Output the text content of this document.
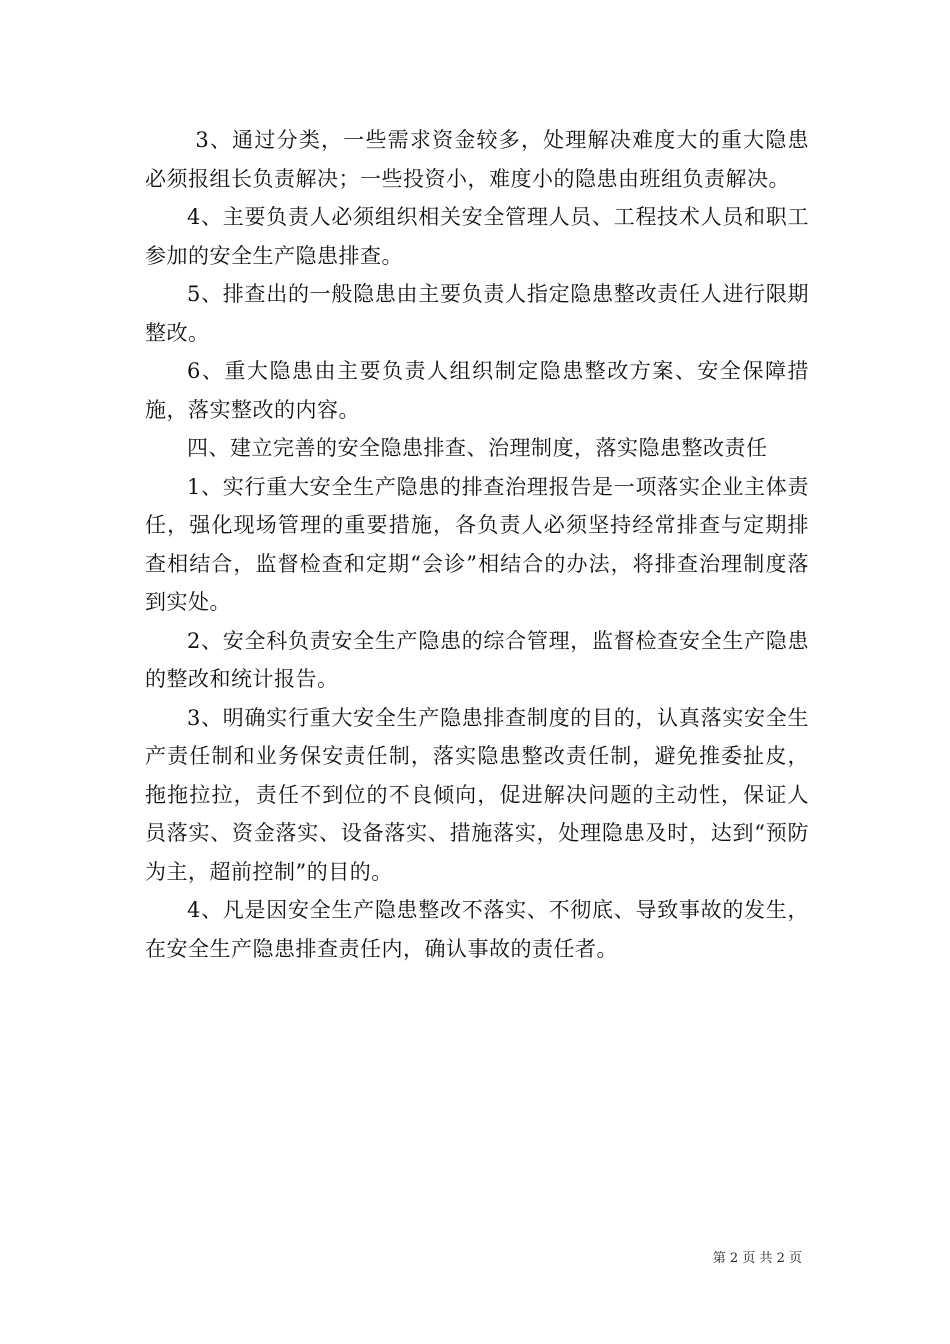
3、通过分类，一些需求资金较多，处理解决难度大的重大隐患必须报组长负责解决；一些投资小，难度小的隐患由班组负责解决。

4、主要负责人必须组织相关安全管理人员、工程技术人员和职工参加的安全生产隐患排查。

5、排查出的一般隐患由主要负责人指定隐患整改责任人进行限期整改。

6、重大隐患由主要负责人组织制定隐患整改方案、安全保障措施，落实整改的内容。

四、建立完善的安全隐患排查、治理制度，落实隐患整改责任

1、实行重大安全生产隐患的排查治理报告是一项落实企业主体责任，强化现场管理的重要措施，各负责人必须坚持经常排查与定期排查相结合，监督检查和定期“会诊”相结合的办法，将排查治理制度落到实处。

2、安全科负责安全生产隐患的综合管理，监督检查安全生产隐患的整改和统计报告。

3、明确实行重大安全生产隐患排查制度的目的，认真落实安全生产责任制和业务保安责任制，落实隐患整改责任制，避免推委扯皮，拖拖拉拉，责任不到位的不良倾向，促进解决问题的主动性，保证人员落实、资金落实、设备落实、措施落实，处理隐患及时，达到“预防为主，超前控制”的目的。

4、凡是因安全生产隐患整改不落实、不彻底、导致事故的发生，在安全生产隐患排查责任内，确认事故的责任者。

第 2 页 共 2 页
